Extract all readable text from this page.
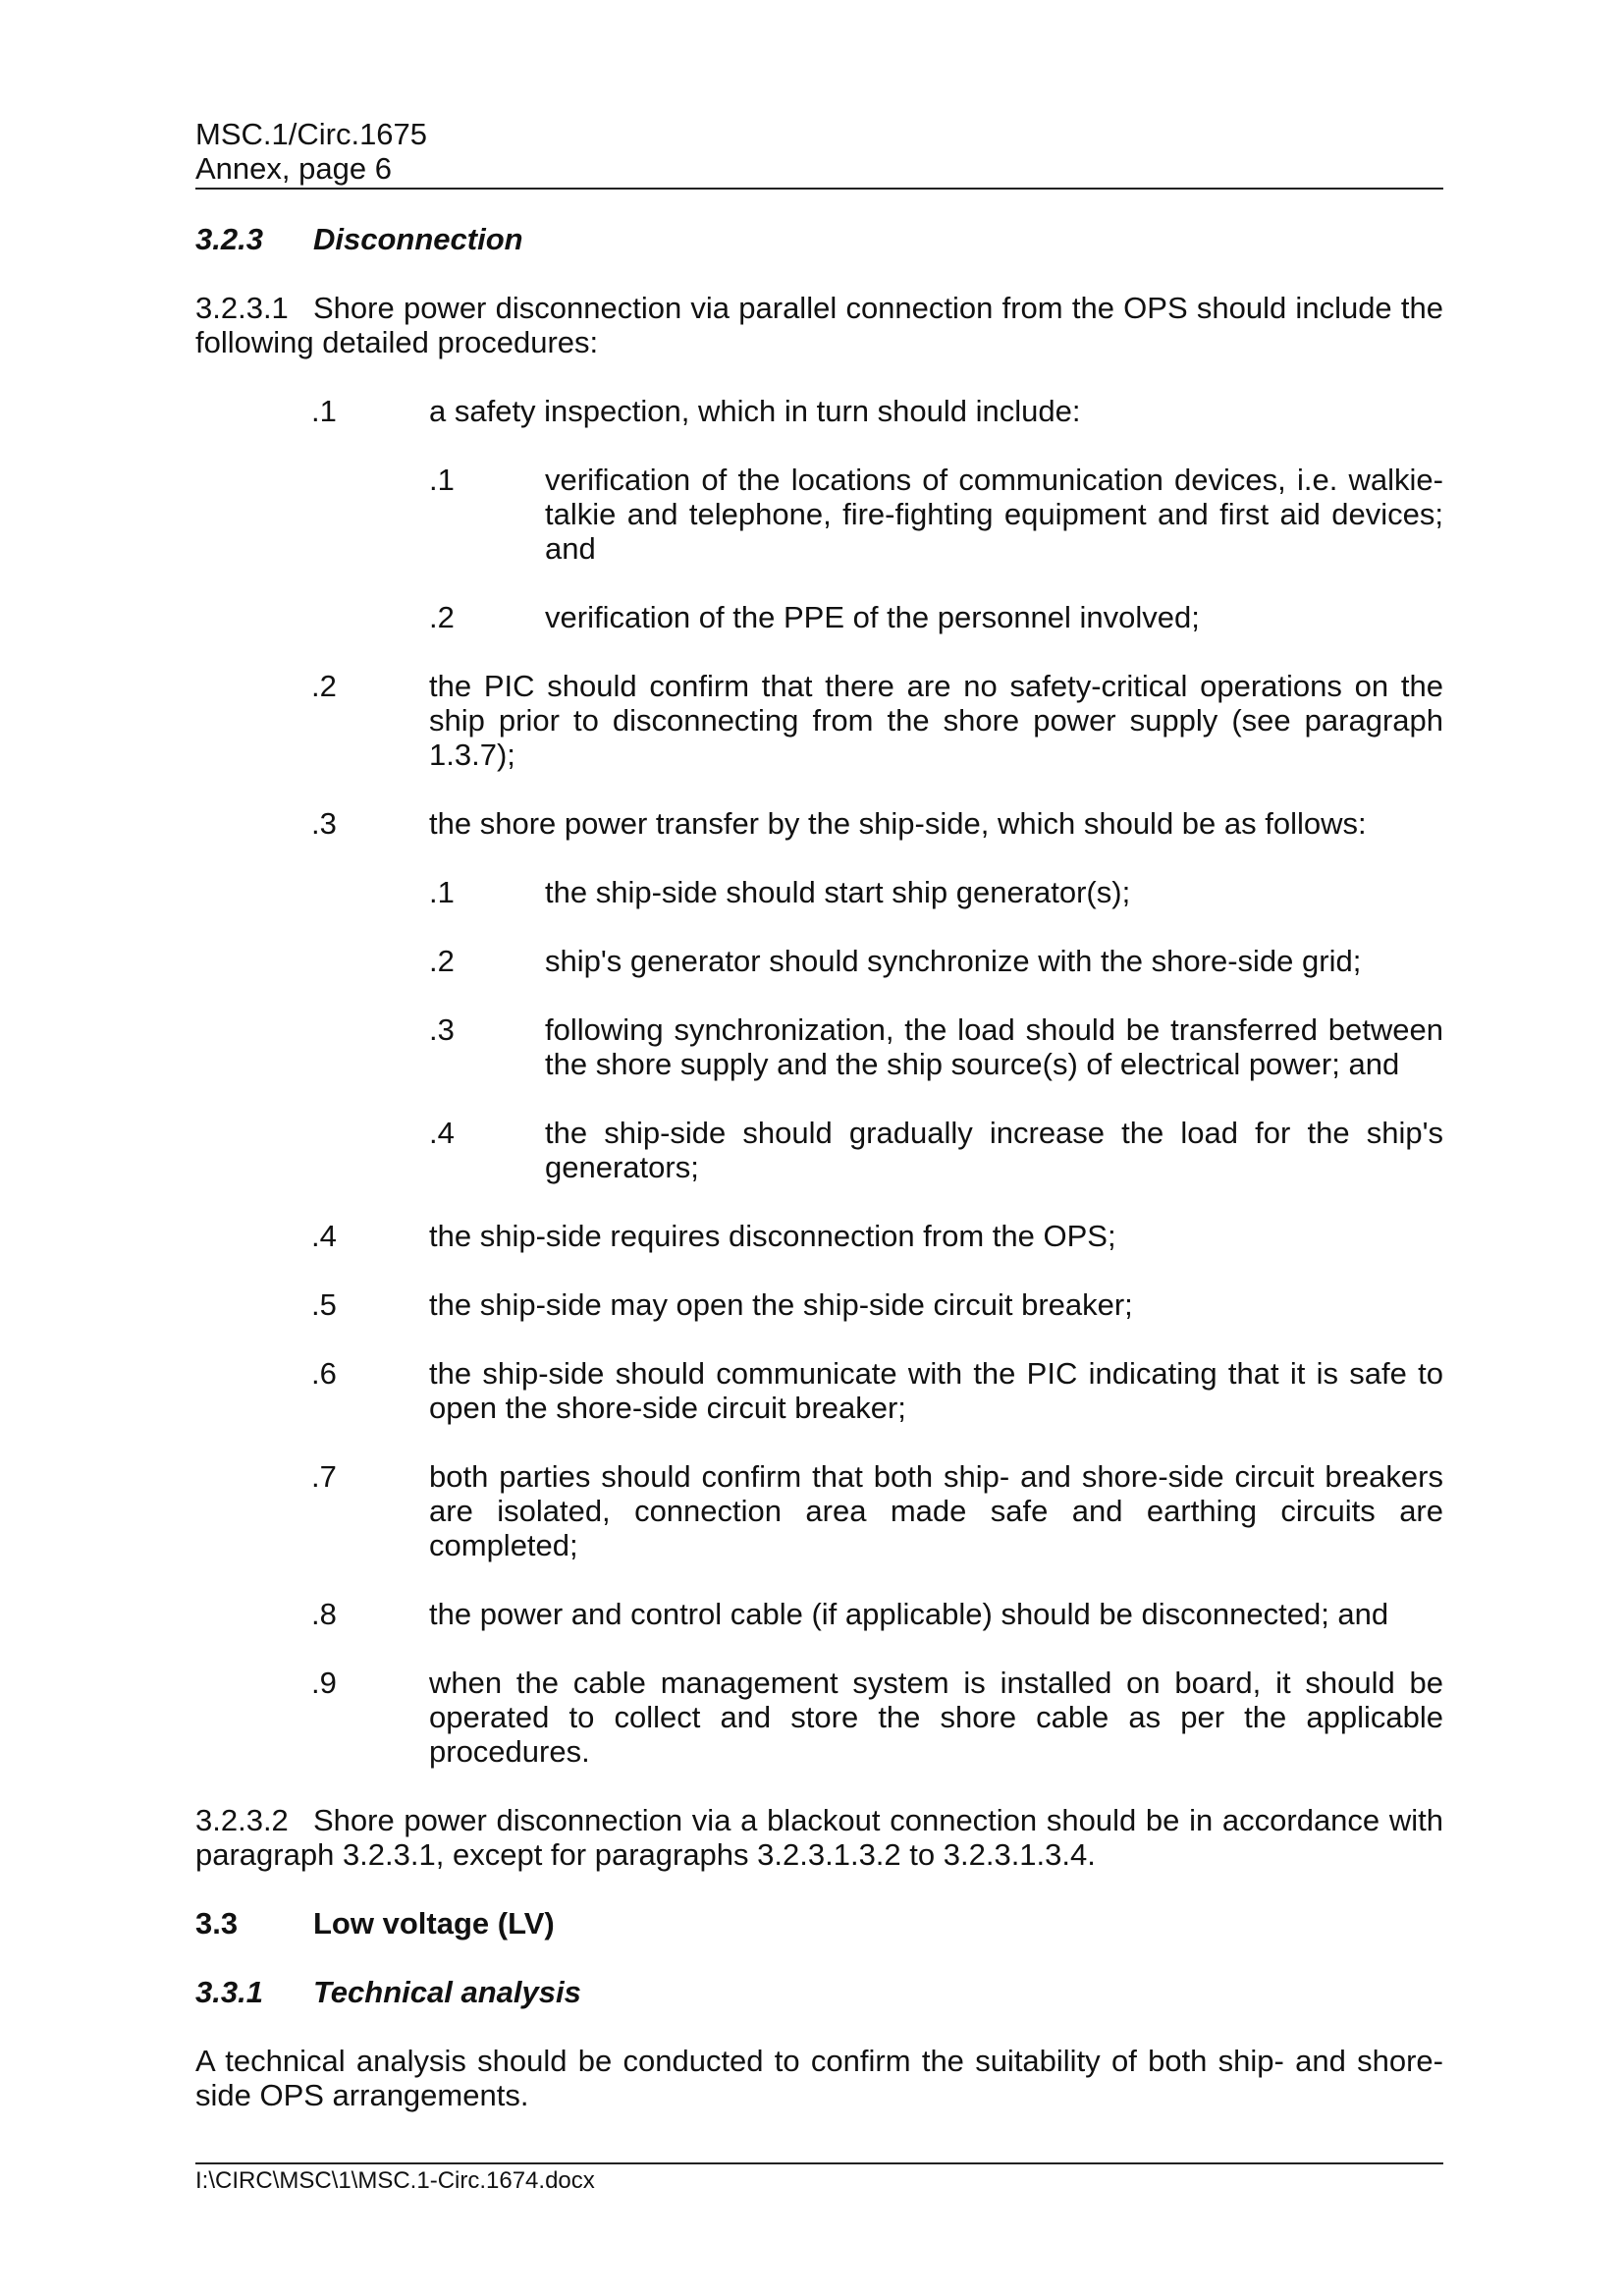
MSC.1/Circ.1675
Annex, page 6
3.2.3	Disconnection
3.2.3.1 Shore power disconnection via parallel connection from the OPS should include the following detailed procedures:
.1	a safety inspection, which in turn should include:
.1	verification of the locations of communication devices, i.e. walkie-talkie and telephone, fire-fighting equipment and first aid devices; and
.2	verification of the PPE of the personnel involved;
.2	the PIC should confirm that there are no safety-critical operations on the ship prior to disconnecting from the shore power supply (see paragraph 1.3.7);
.3	the shore power transfer by the ship-side, which should be as follows:
.1	the ship-side should start ship generator(s);
.2	ship's generator should synchronize with the shore-side grid;
.3	following synchronization, the load should be transferred between the shore supply and the ship source(s) of electrical power; and
.4	the ship-side should gradually increase the load for the ship's generators;
.4	the ship-side requires disconnection from the OPS;
.5	the ship-side may open the ship-side circuit breaker;
.6	the ship-side should communicate with the PIC indicating that it is safe to open the shore-side circuit breaker;
.7	both parties should confirm that both ship- and shore-side circuit breakers are isolated, connection area made safe and earthing circuits are completed;
.8	the power and control cable (if applicable) should be disconnected; and
.9	when the cable management system is installed on board, it should be operated to collect and store the shore cable as per the applicable procedures.
3.2.3.2 Shore power disconnection via a blackout connection should be in accordance with paragraph 3.2.3.1, except for paragraphs 3.2.3.1.3.2 to 3.2.3.1.3.4.
3.3	Low voltage (LV)
3.3.1	Technical analysis
A technical analysis should be conducted to confirm the suitability of both ship- and shore-side OPS arrangements.
I:\CIRC\MSC\1\MSC.1-Circ.1674.docx
